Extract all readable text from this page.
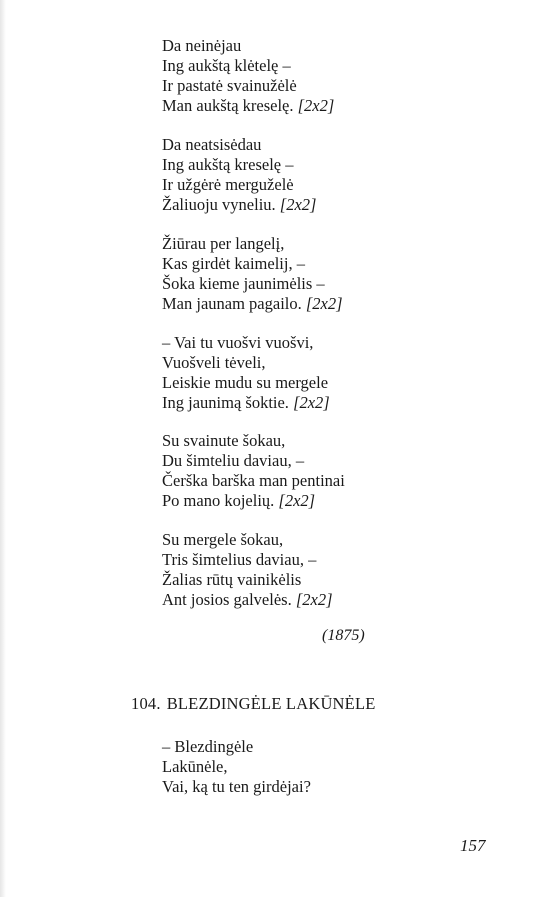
Da neinėjau
Ing aukštą klėtelę –
Ir pastatė svainužėlė
Man aukštą kreselę. [2x2]
Da neatsisėdau
Ing aukštą kreselę –
Ir užgėrė merguželė
Žaliuoju vyneliu. [2x2]
Žiūrau per langelį,
Kas girdėt kaimelij, –
Šoka kieme jaunimėlis –
Man jaunam pagailo. [2x2]
– Vai tu vuošvi vuošvi,
Vuošveli tėveli,
Leiskie mudu su mergele
Ing jaunimą šoktie. [2x2]
Su svainute šokau,
Du šimteliu daviau, –
Čerška barška man pentinai
Po mano kojelių. [2x2]
Su mergele šokau,
Tris šimtelius daviau, –
Žalias rūtų vainikėlis
Ant josios galvelės. [2x2]
(1875)
104. BLEZDINGĖLE LAKŪNĖLE
– Blezdingėle
Lakūnėle,
Vai, ką tu ten girdėjai?
157
